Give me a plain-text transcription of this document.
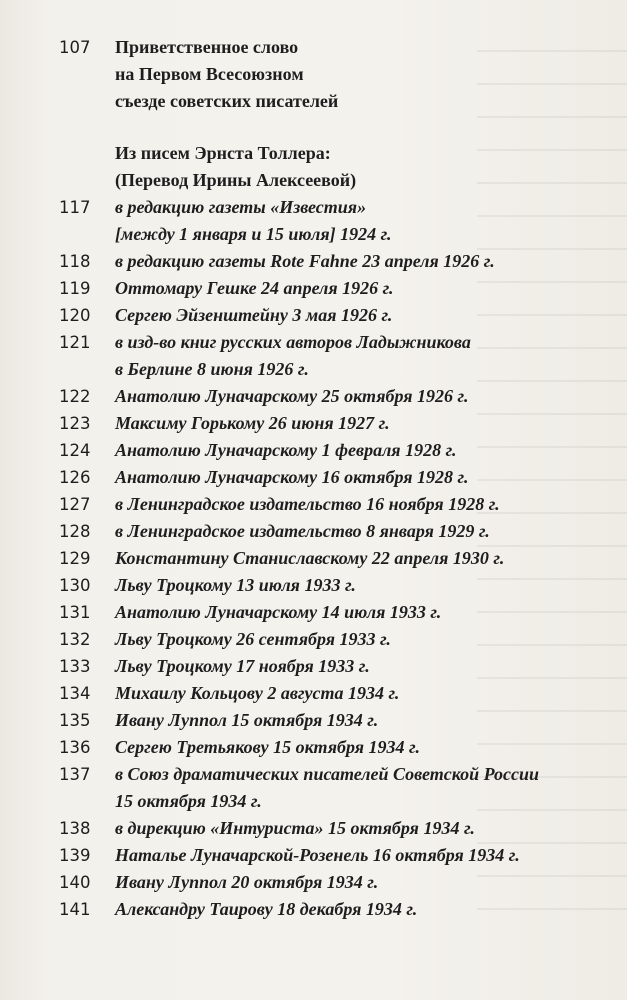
107	Приветственное слово
на Первом Всесоюзном
съезде советских писателей
Из писем Эрнста Толлера:
(Перевод Ирины Алексеевой)
117	в редакцию газеты «Известия»
[между 1 января и 15 июля] 1924 г.
118	в редакцию газеты Rote Fahne 23 апреля 1926 г.
119	Оттомару Гешке 24 апреля 1926 г.
120	Сергею Эйзенштейну 3 мая 1926 г.
121	в изд-во книг русских авторов Ладыжникова
в Берлине 8 июня 1926 г.
122	Анатолию Луначарскому 25 октября 1926 г.
123	Максиму Горькому 26 июня 1927 г.
124	Анатолию Луначарскому 1 февраля 1928 г.
126	Анатолию Луначарскому 16 октября 1928 г.
127	в Ленинградское издательство 16 ноября 1928 г.
128	в Ленинградское издательство 8 января 1929 г.
129	Константину Станиславскому 22 апреля 1930 г.
130	Льву Троцкому 13 июля 1933 г.
131	Анатолию Луначарскому 14 июля 1933 г.
132	Льву Троцкому 26 сентября 1933 г.
133	Льву Троцкому 17 ноября 1933 г.
134	Михаилу Кольцову 2 августа 1934 г.
135	Ивану Луппол 15 октября 1934 г.
136	Сергею Третьякову 15 октября 1934 г.
137	в Союз драматических писателей Советской России
15 октября 1934 г.
138	в дирекцию «Интуриста» 15 октября 1934 г.
139	Наталье Луначарской-Розенель 16 октября 1934 г.
140	Ивану Луппол 20 октября 1934 г.
141	Александру Таирову 18 декабря 1934 г.
